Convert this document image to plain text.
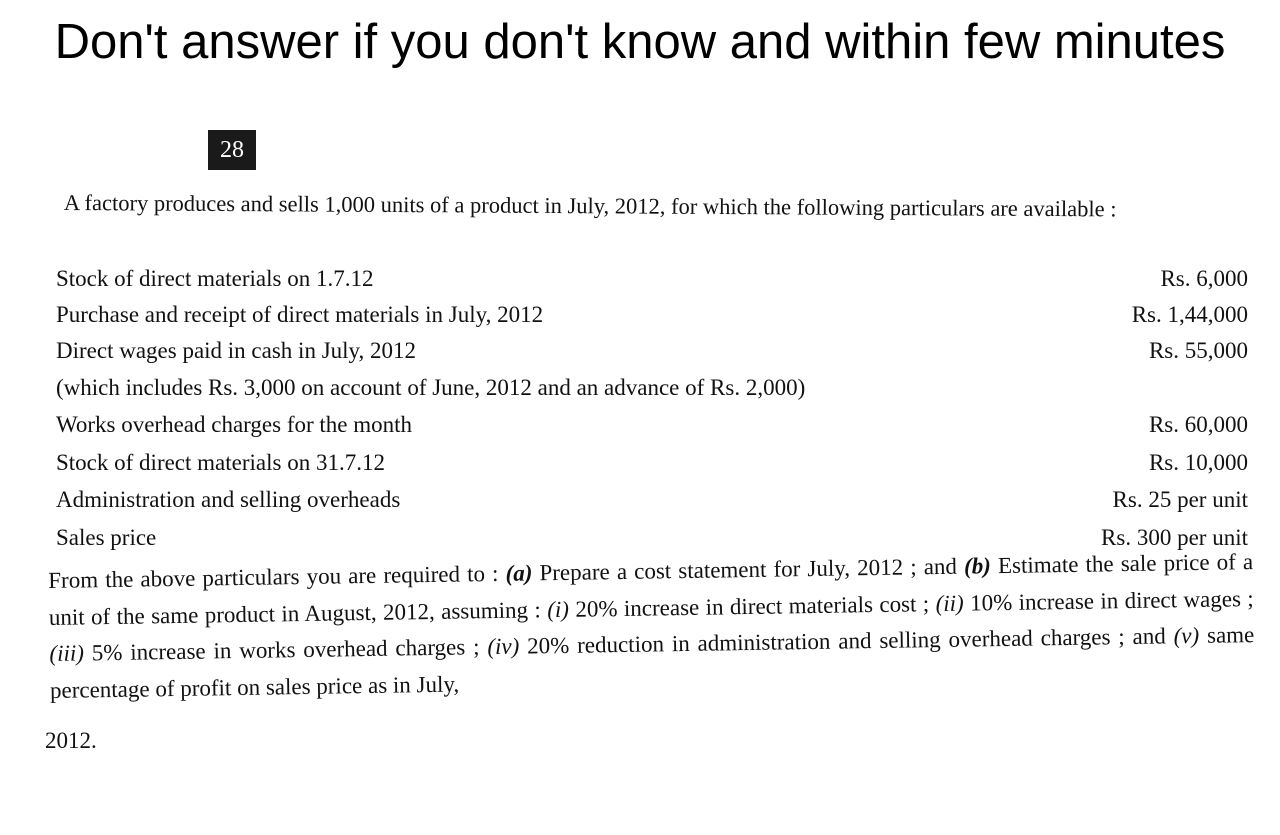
Don't answer if you don't know and within few minutes
28
A factory produces and sells 1,000 units of a product in July, 2012, for which the following particulars are available :
Stock of direct materials on 1.7.12	Rs. 6,000
Purchase and receipt of direct materials in July, 2012	Rs. 1,44,000
Direct wages paid in cash in July, 2012	Rs. 55,000
(which includes Rs. 3,000 on account of June, 2012 and an advance of Rs. 2,000)
Works overhead charges for the month	Rs. 60,000
Stock of direct materials on 31.7.12	Rs. 10,000
Administration and selling overheads	Rs. 25 per unit
Sales price	Rs. 300 per unit
From the above particulars you are required to : (a) Prepare a cost statement for July, 2012 ; and (b) Estimate the sale price of a unit of the same product in August, 2012, assuming : (i) 20% increase in direct materials cost ; (ii) 10% increase in direct wages ; (iii) 5% increase in works overhead charges ; (iv) 20% reduction in administration and selling overhead charges ; and (v) same percentage of profit on sales price as in July,
2012.
